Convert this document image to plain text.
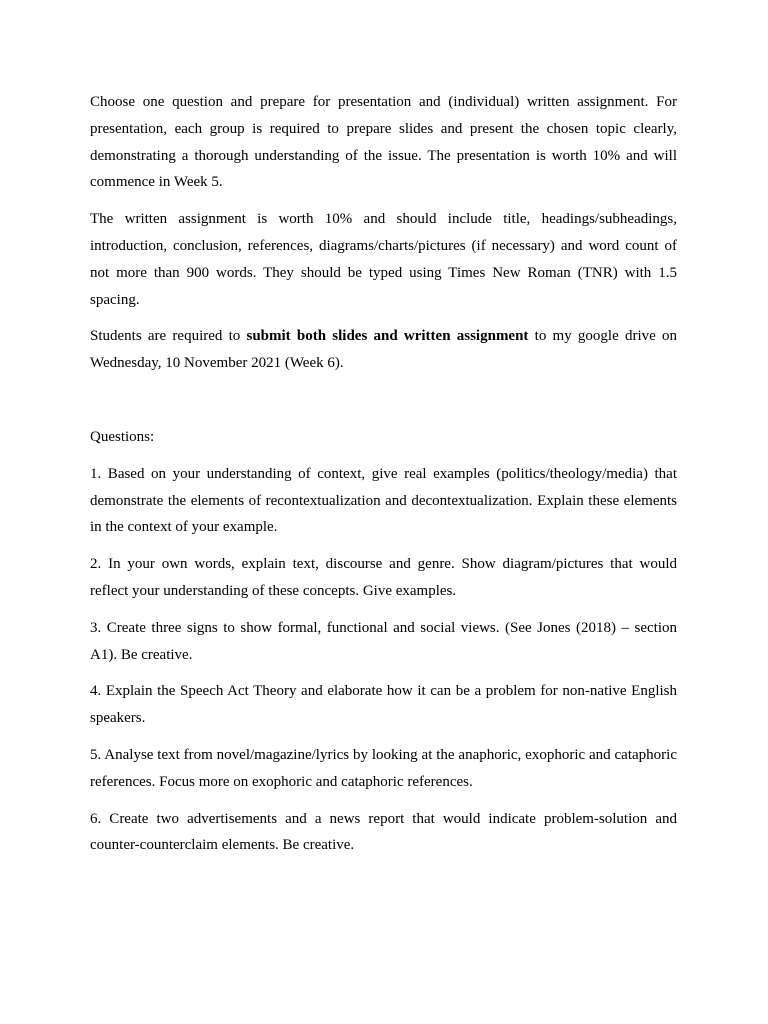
Choose one question and prepare for presentation and (individual) written assignment. For presentation, each group is required to prepare slides and present the chosen topic clearly, demonstrating a thorough understanding of the issue. The presentation is worth 10% and will commence in Week 5.

The written assignment is worth 10% and should include title, headings/subheadings, introduction, conclusion, references, diagrams/charts/pictures (if necessary) and word count of not more than 900 words. They should be typed using Times New Roman (TNR) with 1.5 spacing.

Students are required to submit both slides and written assignment to my google drive on Wednesday, 10 November 2021 (Week 6).

Questions:

1. Based on your understanding of context, give real examples (politics/theology/media) that demonstrate the elements of recontextualization and decontextualization. Explain these elements in the context of your example.

2. In your own words, explain text, discourse and genre. Show diagram/pictures that would reflect your understanding of these concepts. Give examples.

3. Create three signs to show formal, functional and social views. (See Jones (2018) – section A1). Be creative.

4. Explain the Speech Act Theory and elaborate how it can be a problem for non-native English speakers.

5. Analyse text from novel/magazine/lyrics by looking at the anaphoric, exophoric and cataphoric references. Focus more on exophoric and cataphoric references.

6. Create two advertisements and a news report that would indicate problem-solution and counter-counterclaim elements. Be creative.
